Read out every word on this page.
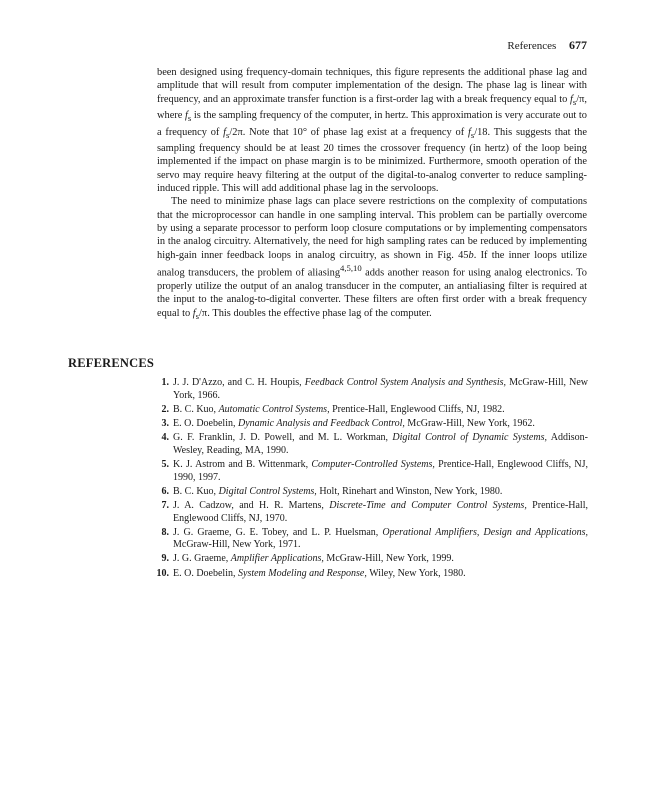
References 677

been designed using frequency-domain techniques, this figure represents the additional phase lag and amplitude that will result from computer implementation of the design. The phase lag is linear with frequency, and an approximate transfer function is a first-order lag with a break frequency equal to $f_s/\pi$, where $f_s$ is the sampling frequency of the computer, in hertz. This approximation is very accurate out to a frequency of $f_s/2\pi$. Note that 10° of phase lag exist at a frequency of $f_s/18$. This suggests that the sampling frequency should be at least 20 times the crossover frequency (in hertz) of the loop being implemented if the impact on phase margin is to be minimized. Furthermore, smooth operation of the servo may require heavy filtering at the output of the digital-to-analog converter to reduce sampling-induced ripple. This will add additional phase lag in the servoloops.

The need to minimize phase lags can place severe restrictions on the complexity of computations that the microprocessor can handle in one sampling interval. This problem can be partially overcome by using a separate processor to perform loop closure computations or by implementing compensators in the analog circuitry. Alternatively, the need for high sampling rates can be reduced by implementing high-gain inner feedback loops in analog circuitry, as shown in Fig. 45b. If the inner loops utilize analog transducers, the problem of aliasing$^{4,5,10}$ adds another reason for using analog electronics. To properly utilize the output of an analog transducer in the computer, an antialiasing filter is required at the input to the analog-to-digital converter. These filters are often first order with a break frequency equal to $f_s/\pi$. This doubles the effective phase lag of the computer.

REFERENCES
1. J. J. D'Azzo, and C. H. Houpis, Feedback Control System Analysis and Synthesis, McGraw-Hill, New York, 1966.
2. B. C. Kuo, Automatic Control Systems, Prentice-Hall, Englewood Cliffs, NJ, 1982.
3. E. O. Doebelin, Dynamic Analysis and Feedback Control, McGraw-Hill, New York, 1962.
4. G. F. Franklin, J. D. Powell, and M. L. Workman, Digital Control of Dynamic Systems, Addison-Wesley, Reading, MA, 1990.
5. K. J. Astrom and B. Wittenmark, Computer-Controlled Systems, Prentice-Hall, Englewood Cliffs, NJ, 1990, 1997.
6. B. C. Kuo, Digital Control Systems, Holt, Rinehart and Winston, New York, 1980.
7. J. A. Cadzow, and H. R. Martens, Discrete-Time and Computer Control Systems, Prentice-Hall, Englewood Cliffs, NJ, 1970.
8. J. G. Graeme, G. E. Tobey, and L. P. Huelsman, Operational Amplifiers, Design and Applications, McGraw-Hill, New York, 1971.
9. J. G. Graeme, Amplifier Applications, McGraw-Hill, New York, 1999.
10. E. O. Doebelin, System Modeling and Response, Wiley, New York, 1980.
